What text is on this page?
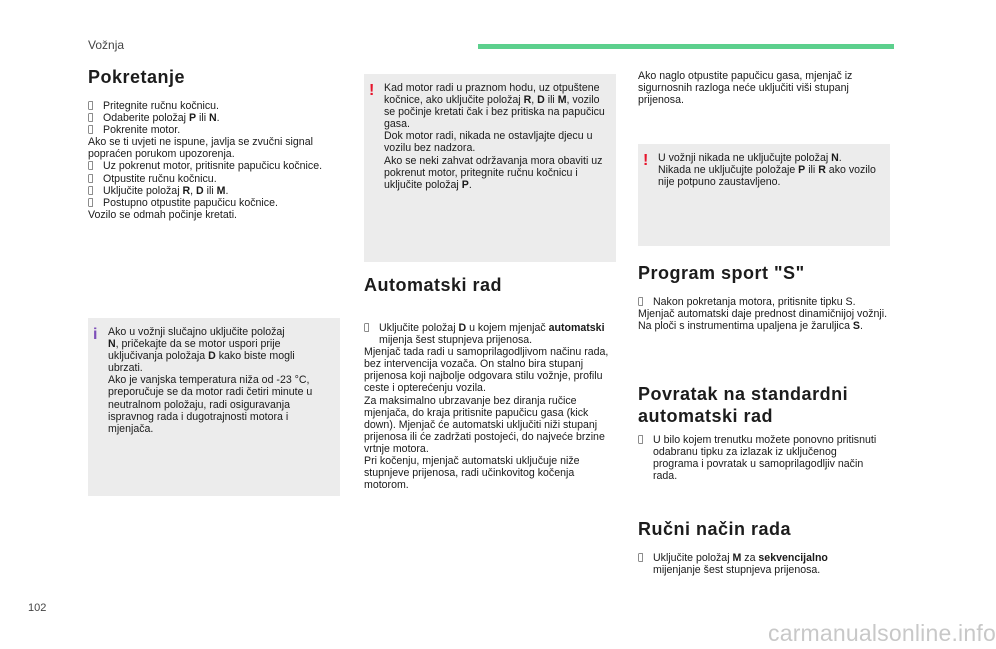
Vožnja
Pokretanje
Pritegnite ručnu kočnicu.
Odaberite položaj P ili N.
Pokrenite motor.

Ako se ti uvjeti ne ispune, javlja se zvučni signal popraćen porukom upozorenja.

Uz pokrenut motor, pritisnite papučicu kočnice.
Otpustite ručnu kočnicu.
Uključite položaj R, D ili M.
Postupno otpustite papučicu kočnice.

Vozilo se odmah počinje kretati.

i Ako u vožnji slučajno uključite položaj

N, pričekajte da se motor uspori prije

uključivanja položaja D kako biste mogli

ubrzati.

Ako je vanjska temperatura niža od -23 °C, preporučuje se da motor radi četiri minute u neutralnom položaju, radi osiguravanja ispravnog rada i dugotrajnosti motora i mjenjača.

! Kad motor radi u praznom hodu, uz otpuštene kočnice, ako uključite položaj R, D ili M, vozilo se počinje kretati čak i bez pritiska na papučicu gasa.

Dok motor radi, nikada ne ostavljajte djecu u vozilu bez nadzora.

Ako se neki zahvat održavanja mora obaviti uz pokrenut motor, pritegnite ručnu kočnicu i uključite položaj P.

Automatski rad
Uključite položaj D u kojem mjenjač automatski mijenja šest stupnjeva prijenosa.

Mjenjač tada radi u samoprilagodljivom načinu rada, bez intervencija vozača. On stalno bira stupanj prijenosa koji najbolje odgovara stilu vožnje, profilu ceste i opterećenju vozila.

Za maksimalno ubrzavanje bez diranja ručice mjenjača, do kraja pritisnite papučicu gasa (kick down). Mjenjač će automatski uključiti niži stupanj prijenosa ili će zadržati postojeći, do najveće brzine vrtnje motora.

Pri kočenju, mjenjač automatski uključuje niže stupnjeve prijenosa, radi učinkovitog kočenja motorom.

Ako naglo otpustite papučicu gasa, mjenjač iz sigurnosnih razloga neće uključiti viši stupanj prijenosa.
! U vožnji nikada ne uključujte položaj N.

Nikada ne uključujte položaje P ili R ako vozilo nije potpuno zaustavljeno.

Program sport "S"
Nakon pokretanja motora, pritisnite tipku S.

Mjenjač automatski daje prednost dinamičnijoj vožnji.

Na ploči s instrumentima upaljena je žaruljica S.

Povratak na standardni
automatski rad
U bilo kojem trenutku možete ponovno pritisnuti odabranu tipku za izlazak iz uključenog programa i povratak u samoprilagodljiv način rada.
Ručni način rada
Uključite položaj M za sekvencijalno mijenjanje šest stupnjeva prijenosa.
102
carmanualsonline.info
